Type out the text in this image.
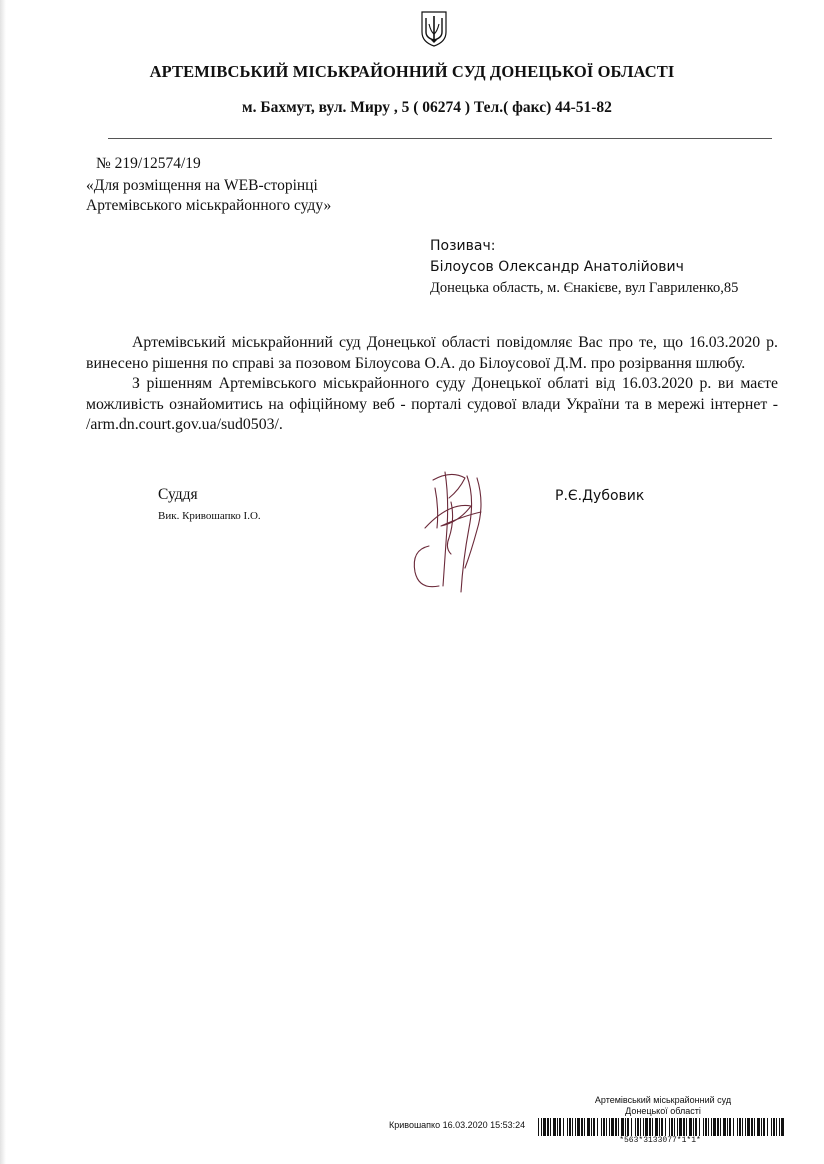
АРТЕМІВСЬКИЙ МІСЬКРАЙОННИЙ СУД ДОНЕЦЬКОЇ ОБЛАСТІ
м. Бахмут, вул. Миру , 5 ( 06274 ) Тел.( факс) 44-51-82
№ 219/12574/19
«Для розміщення на WEB-сторінці
Артемівського міськрайонного суду»
Позивач:
Білоусов Олександр Анатолійович
Донецька область, м. Єнакієве, вул Гавриленко,85

Артемівський міськрайонний суд Донецької області повідомляє Вас про те, що 16.03.2020 р. винесено рішення по справі за позовом Білоусова О.А. до Білоусової Д.М. про розірвання шлюбу.

З рішенням Артемівського міськрайонного суду Донецької облаті від 16.03.2020 р. ви маєте можливість ознайомитись на офіційному веб - порталі судової влади України та в мережі інтернет - /arm.dn.court.gov.ua/sud0503/.

Суддя
Вик. Кривошапко І.О.
Р.Є.Дубовик
Артемівський міськрайонний суд
Донецької області
Кривошапко 16.03.2020 15:53:24
*563*3133077*1*1*
